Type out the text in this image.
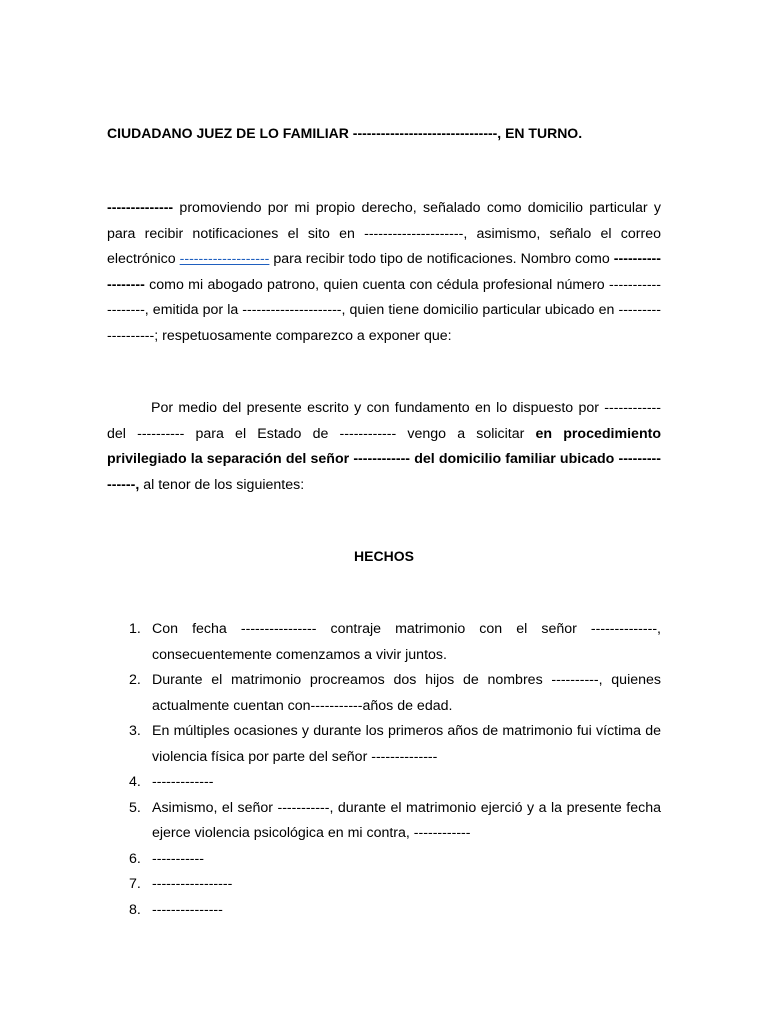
CIUDADANO JUEZ DE LO FAMILIAR -------------------------------, EN TURNO.

-------------- promoviendo por mi propio derecho, señalado como domicilio particular y para recibir notificaciones el sito en ---------------------, asimismo, señalo el correo electrónico ------------------- para recibir todo tipo de notificaciones. Nombro como ------------------ como mi abogado patrono, quien cuenta con cédula profesional número -------------------, emitida por la ---------------------, quien tiene domicilio particular ubicado en -------------------; respetuosamente comparezco a exponer que:

Por medio del presente escrito y con fundamento en lo dispuesto por ------------ del ---------- para el Estado de ------------ vengo a solicitar en procedimiento privilegiado la separación del señor ------------ del domicilio familiar ubicado ---------------, al tenor de los siguientes:

HECHOS
1. Con fecha ---------------- contraje matrimonio con el señor --------------, consecuentemente comenzamos a vivir juntos.
2. Durante el matrimonio procreamos dos hijos de nombres ----------, quienes actualmente cuentan con-----------años de edad.
3. En múltiples ocasiones y durante los primeros años de matrimonio fui víctima de violencia física por parte del señor --------------
4. -------------
5. Asimismo, el señor -----------, durante el matrimonio ejerció y a la presente fecha ejerce violencia psicológica en mi contra, ------------
6. -----------
7. -----------------
8. ---------------
